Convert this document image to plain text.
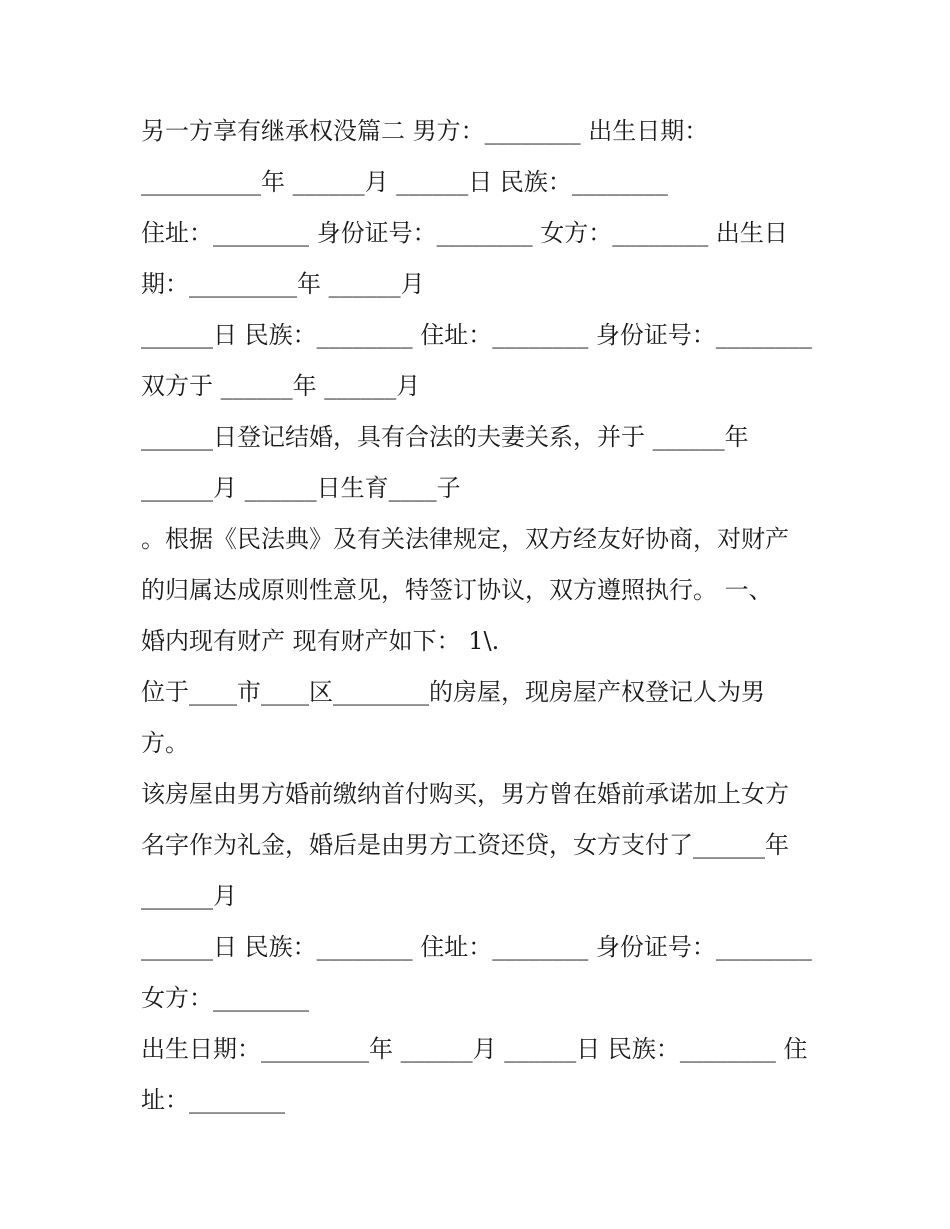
另一方享有继承权没篇二 男方：________ 出生日期：

__________年 ______月 ______日 民族：________

住址：________ 身份证号：________ 女方：________ 出生日

期：_________年 ______月

______日 民族：________ 住址：________ 身份证号：________

双方于 ______年 ______月

______日登记结婚，具有合法的夫妻关系，并于 ______年

______月 ______日生育____子

。根据《民法典》及有关法律规定，双方经友好协商，对财产

的归属达成原则性意见，特签订协议，双方遵照执行。 一、

婚内现有财产 现有财产如下： 1\.

位于____市____区________的房屋，现房屋产权登记人为男

方。

该房屋由男方婚前缴纳首付购买，男方曾在婚前承诺加上女方

名字作为礼金，婚后是由男方工资还贷，女方支付了______年

______月

______日 民族：________ 住址：________ 身份证号：________

女方：________

出生日期：_________年 ______月 ______日 民族：________ 住

址：________
